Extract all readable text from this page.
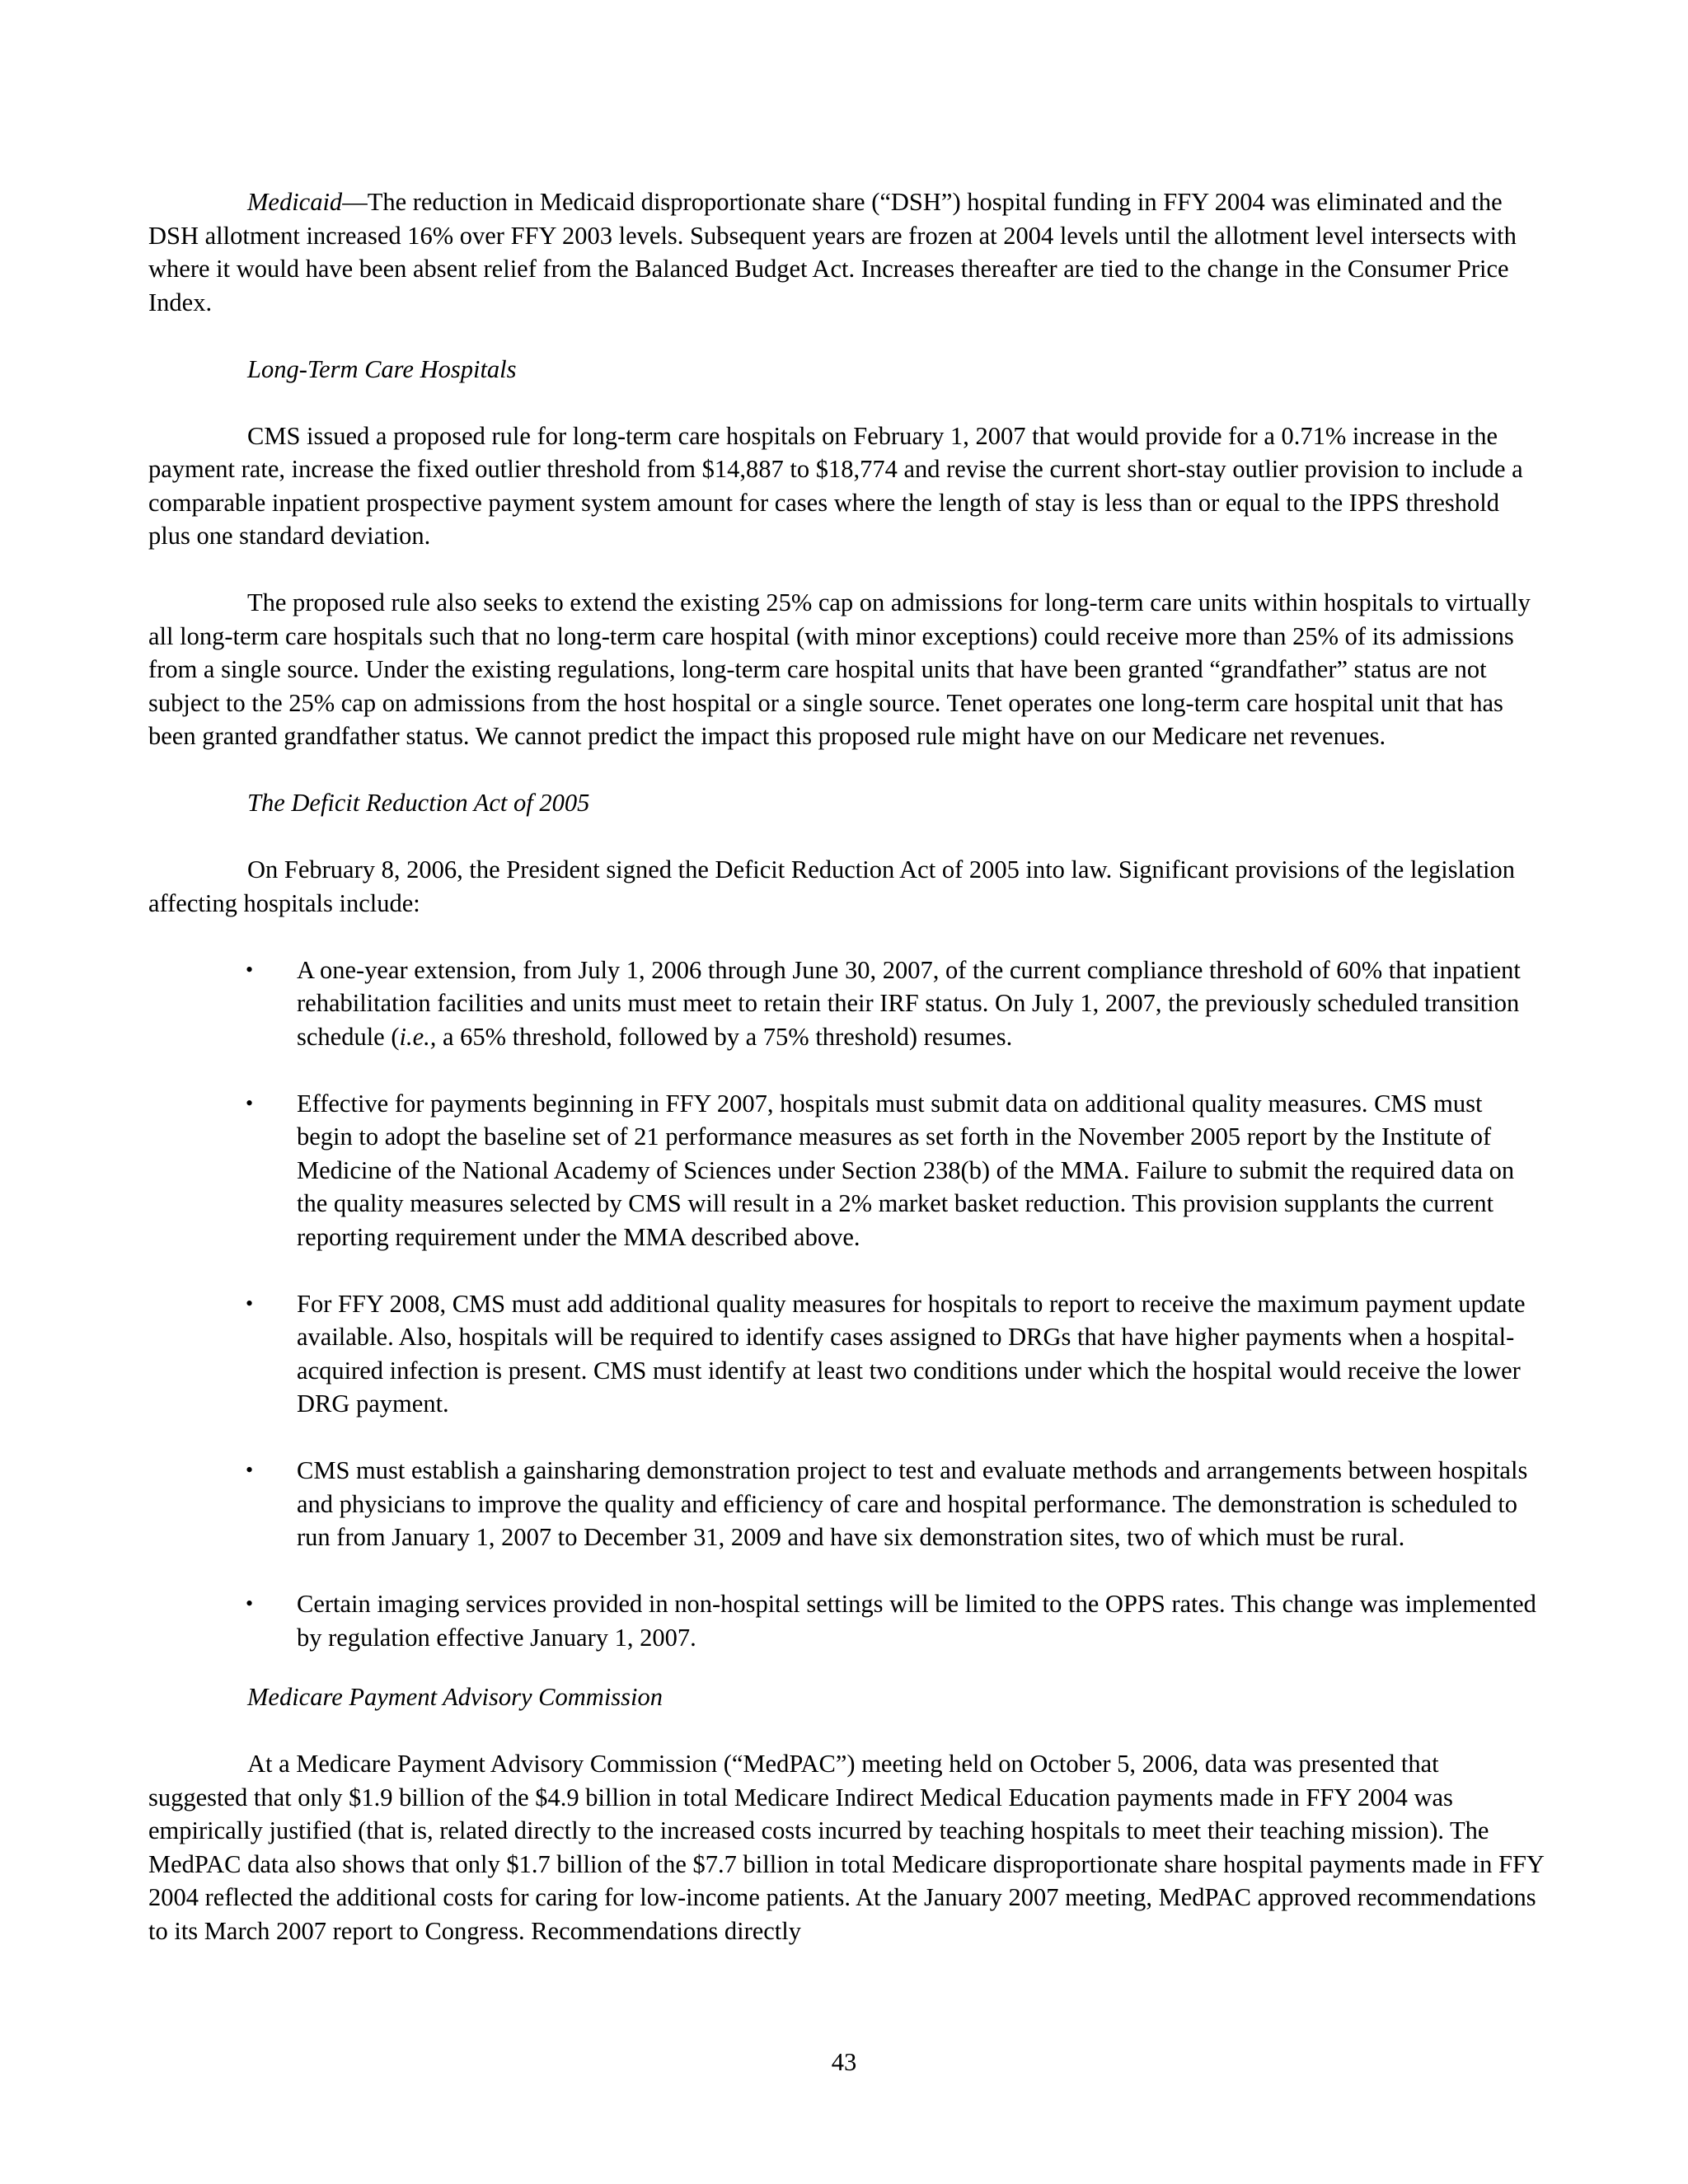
Medicaid—The reduction in Medicaid disproportionate share (“DSH”) hospital funding in FFY 2004 was eliminated and the DSH allotment increased 16% over FFY 2003 levels. Subsequent years are frozen at 2004 levels until the allotment level intersects with where it would have been absent relief from the Balanced Budget Act. Increases thereafter are tied to the change in the Consumer Price Index.

Long-Term Care Hospitals

CMS issued a proposed rule for long-term care hospitals on February 1, 2007 that would provide for a 0.71% increase in the payment rate, increase the fixed outlier threshold from $14,887 to $18,774 and revise the current short-stay outlier provision to include a comparable inpatient prospective payment system amount for cases where the length of stay is less than or equal to the IPPS threshold plus one standard deviation.

The proposed rule also seeks to extend the existing 25% cap on admissions for long-term care units within hospitals to virtually all long-term care hospitals such that no long-term care hospital (with minor exceptions) could receive more than 25% of its admissions from a single source. Under the existing regulations, long-term care hospital units that have been granted “grandfather” status are not subject to the 25% cap on admissions from the host hospital or a single source. Tenet operates one long-term care hospital unit that has been granted grandfather status. We cannot predict the impact this proposed rule might have on our Medicare net revenues.

The Deficit Reduction Act of 2005

On February 8, 2006, the President signed the Deficit Reduction Act of 2005 into law. Significant provisions of the legislation affecting hospitals include:

• A one-year extension, from July 1, 2006 through June 30, 2007, of the current compliance threshold of 60% that inpatient rehabilitation facilities and units must meet to retain their IRF status. On July 1, 2007, the previously scheduled transition schedule (i.e., a 65% threshold, followed by a 75% threshold) resumes.
• Effective for payments beginning in FFY 2007, hospitals must submit data on additional quality measures. CMS must begin to adopt the baseline set of 21 performance measures as set forth in the November 2005 report by the Institute of Medicine of the National Academy of Sciences under Section 238(b) of the MMA. Failure to submit the required data on the quality measures selected by CMS will result in a 2% market basket reduction. This provision supplants the current reporting requirement under the MMA described above.
• For FFY 2008, CMS must add additional quality measures for hospitals to report to receive the maximum payment update available. Also, hospitals will be required to identify cases assigned to DRGs that have higher payments when a hospital-acquired infection is present. CMS must identify at least two conditions under which the hospital would receive the lower DRG payment.
• CMS must establish a gainsharing demonstration project to test and evaluate methods and arrangements between hospitals and physicians to improve the quality and efficiency of care and hospital performance. The demonstration is scheduled to run from January 1, 2007 to December 31, 2009 and have six demonstration sites, two of which must be rural.
• Certain imaging services provided in non-hospital settings will be limited to the OPPS rates. This change was implemented by regulation effective January 1, 2007.

Medicare Payment Advisory Commission

At a Medicare Payment Advisory Commission (“MedPAC”) meeting held on October 5, 2006, data was presented that suggested that only $1.9 billion of the $4.9 billion in total Medicare Indirect Medical Education payments made in FFY 2004 was empirically justified (that is, related directly to the increased costs incurred by teaching hospitals to meet their teaching mission). The MedPAC data also shows that only $1.7 billion of the $7.7 billion in total Medicare disproportionate share hospital payments made in FFY 2004 reflected the additional costs for caring for low-income patients. At the January 2007 meeting, MedPAC approved recommendations to its March 2007 report to Congress. Recommendations directly

43
